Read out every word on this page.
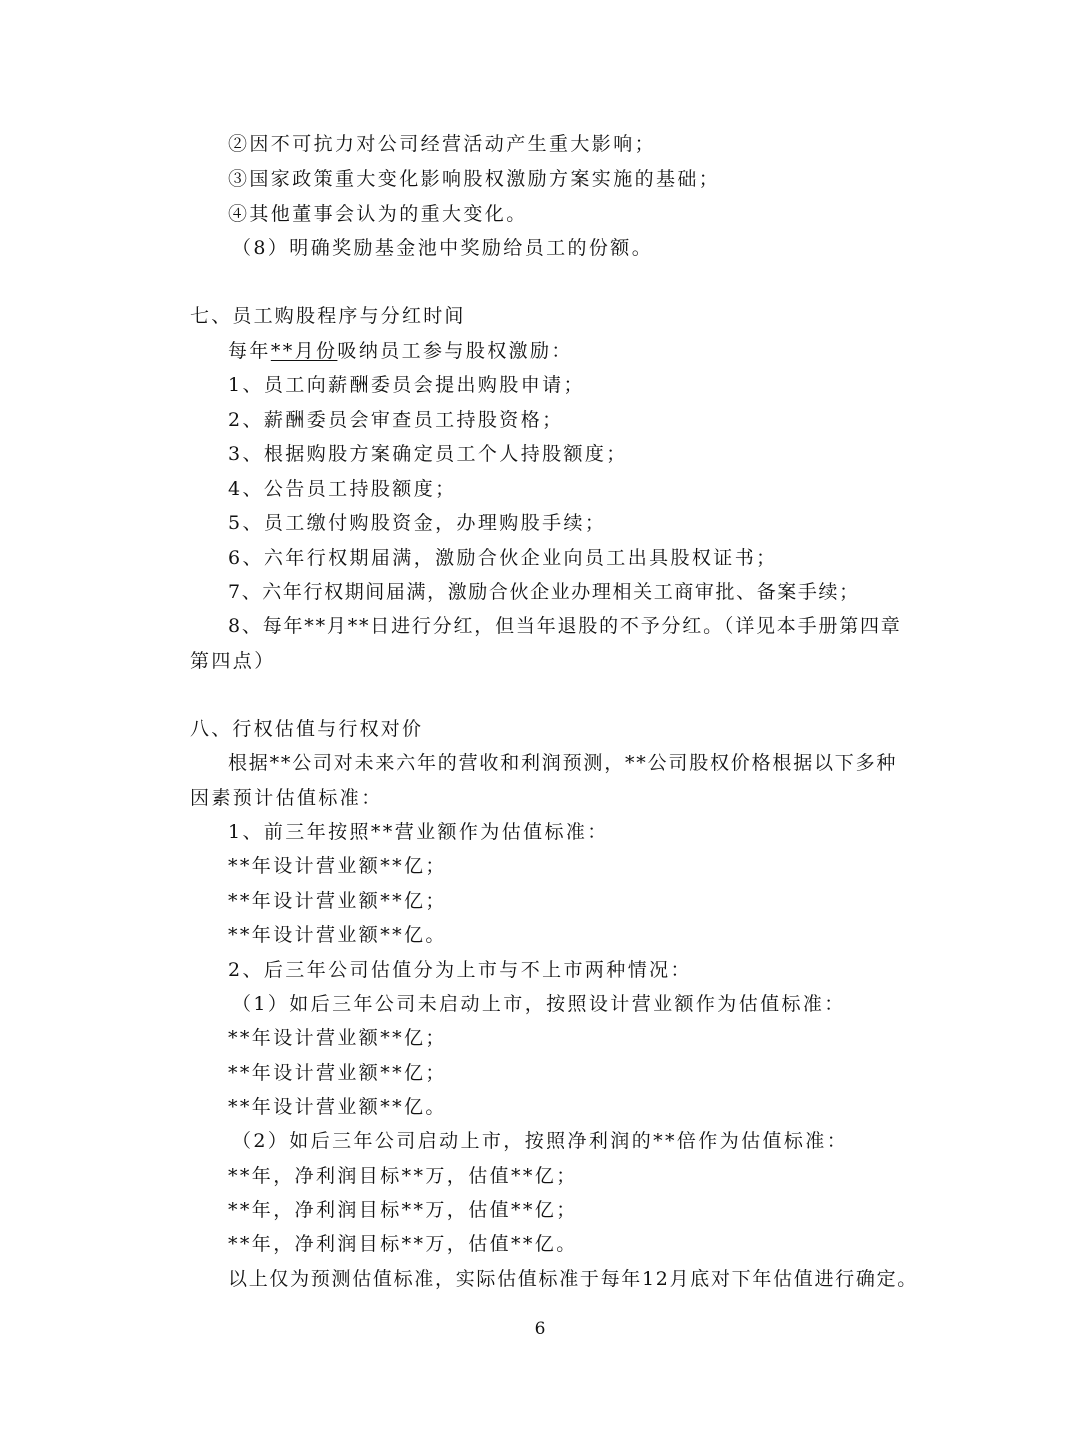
②因不可抗力对公司经营活动产生重大影响；
③国家政策重大变化影响股权激励方案实施的基础；
④其他董事会认为的重大变化。
（8）明确奖励基金池中奖励给员工的份额。
七、员工购股程序与分红时间
每年**月份吸纳员工参与股权激励：
1、员工向薪酬委员会提出购股申请；
2、薪酬委员会审查员工持股资格；
3、根据购股方案确定员工个人持股额度；
4、公告员工持股额度；
5、员工缴付购股资金，办理购股手续；
6、六年行权期届满，激励合伙企业向员工出具股权证书；
7、六年行权期间届满，激励合伙企业办理相关工商审批、备案手续；
8、每年**月**日进行分红，但当年退股的不予分红。（详见本手册第四章
第四点）
八、行权估值与行权对价
根据**公司对未来六年的营收和利润预测，**公司股权价格根据以下多种
因素预计估值标准：
1、前三年按照**营业额作为估值标准：
**年设计营业额**亿；
**年设计营业额**亿；
**年设计营业额**亿。
2、后三年公司估值分为上市与不上市两种情况：
（1）如后三年公司未启动上市，按照设计营业额作为估值标准：
**年设计营业额**亿；
**年设计营业额**亿；
**年设计营业额**亿。
（2）如后三年公司启动上市，按照净利润的**倍作为估值标准：
**年，净利润目标**万，估值**亿；
**年，净利润目标**万，估值**亿；
**年，净利润目标**万，估值**亿。
以上仅为预测估值标准，实际估值标准于每年12月底对下年估值进行确定。
6
